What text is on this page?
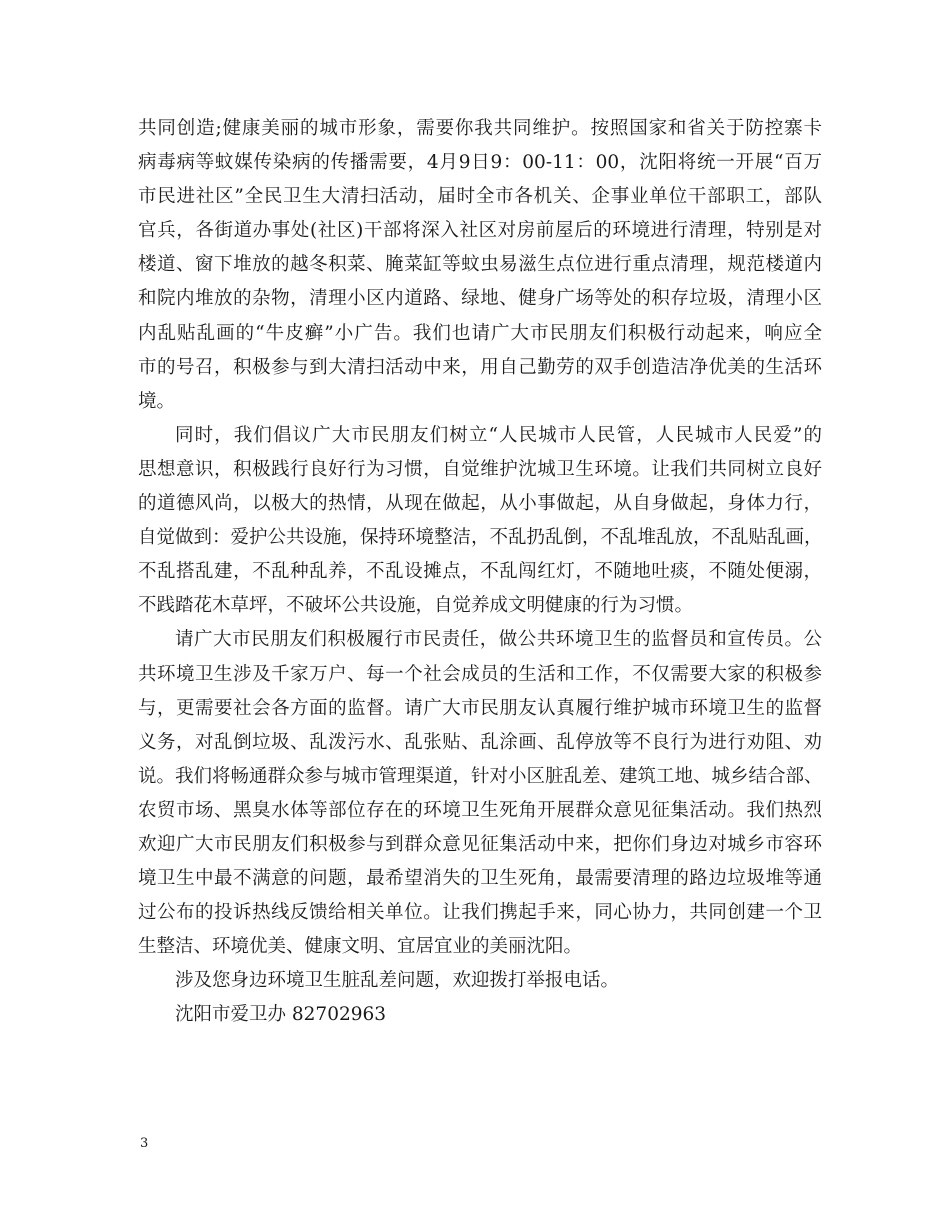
共同创造;健康美丽的城市形象，需要你我共同维护。按照国家和省关于防控寨卡
病毒病等蚊媒传染病的传播需要，4月9日9：00-11：00，沈阳将统一开展“百万
市民进社区”全民卫生大清扫活动，届时全市各机关、企事业单位干部职工，部队
官兵，各街道办事处(社区)干部将深入社区对房前屋后的环境进行清理，特别是对
楼道、窗下堆放的越冬积菜、腌菜缸等蚊虫易滋生点位进行重点清理，规范楼道内
和院内堆放的杂物，清理小区内道路、绿地、健身广场等处的积存垃圾，清理小区
内乱贴乱画的“牛皮癣”小广告。我们也请广大市民朋友们积极行动起来，响应全
市的号召，积极参与到大清扫活动中来，用自己勤劳的双手创造洁净优美的生活环
境。
同时，我们倡议广大市民朋友们树立“人民城市人民管，人民城市人民爱”的
思想意识，积极践行良好行为习惯，自觉维护沈城卫生环境。让我们共同树立良好
的道德风尚，以极大的热情，从现在做起，从小事做起，从自身做起，身体力行，
自觉做到：爱护公共设施，保持环境整洁，不乱扔乱倒，不乱堆乱放，不乱贴乱画，
不乱搭乱建，不乱种乱养，不乱设摊点，不乱闯红灯，不随地吐痰，不随处便溺，
不践踏花木草坪，不破坏公共设施，自觉养成文明健康的行为习惯。
请广大市民朋友们积极履行市民责任，做公共环境卫生的监督员和宣传员。公
共环境卫生涉及千家万户、每一个社会成员的生活和工作，不仅需要大家的积极参
与，更需要社会各方面的监督。请广大市民朋友认真履行维护城市环境卫生的监督
义务，对乱倒垃圾、乱泼污水、乱张贴、乱涂画、乱停放等不良行为进行劝阻、劝
说。我们将畅通群众参与城市管理渠道，针对小区脏乱差、建筑工地、城乡结合部、
农贸市场、黑臭水体等部位存在的环境卫生死角开展群众意见征集活动。我们热烈
欢迎广大市民朋友们积极参与到群众意见征集活动中来，把你们身边对城乡市容环
境卫生中最不满意的问题，最希望消失的卫生死角，最需要清理的路边垃圾堆等通
过公布的投诉热线反馈给相关单位。让我们携起手来，同心协力，共同创建一个卫
生整洁、环境优美、健康文明、宜居宜业的美丽沈阳。
涉及您身边环境卫生脏乱差问题，欢迎拨打举报电话。
沈阳市爱卫办 82702963
3
